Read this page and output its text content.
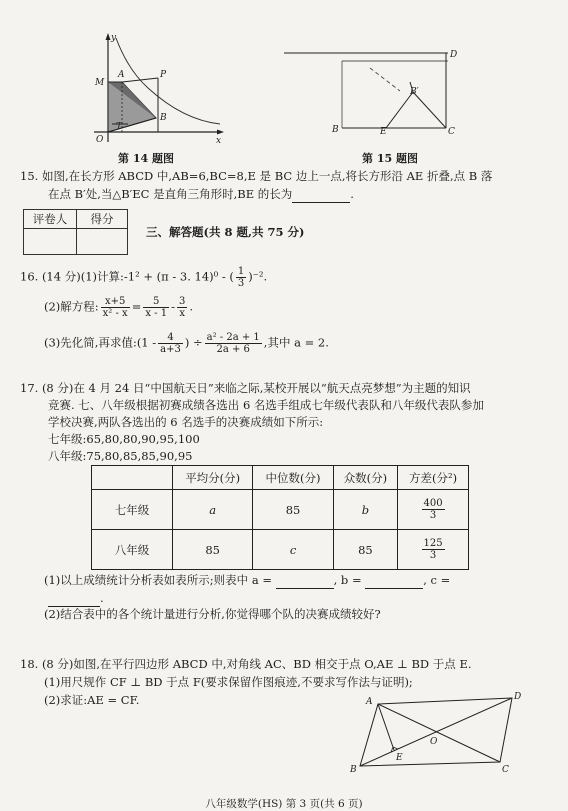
y
x
M
A	P
B
O
T
第 14 题图
D
B′
B	E	C
第 15 题图
15. 如图,在长方形 ABCD 中,AB=6,BC=8,E 是 BC 边上一点,将长方形沿 AE 折叠,点 B 落
在点 B′处,当△B′EC 是直角三角形时,BE 的长为	.
评卷人	得分

三、解答题(共 8 题,共 75 分)
16. (14 分)(1)计算:-1² + (π - 3. 14)⁰ - ( $\frac{1}{3} )^{-2}$.
(2)解方程: $\frac{x+5}{\text{x² - x}} = \frac{5}{x - 1} - \frac{3}{x}$ .
(3)先化简,再求值:(1 - $\frac{4}{a+3}$ ) ÷ $\frac{\text{a² - 2a + 1}}{2a + 6}$ ,其中 a = 2.
17. (8 分)在 4 月 24 日“中国航天日”来临之际,某校开展以“航天点亮梦想”为主题的知识
竞赛. 七、八年级根据初赛成绩各选出 6 名选手组成七年级代表队和八年级代表队参加
学校决赛,两队各选出的 6 名选手的决赛成绩如下所示:
七年级:65,80,80,90,95,100
八年级:75,80,85,85,90,95
	平均分(分)	中位数(分)	众数(分)	方差(分²)
七年级	a	85	b	$\frac{400}{3}$

八年级	85	c	85	$\frac{125}{3}$
(1)以上成绩统计分析表如表所示;则表中 a =	, b =	, c =
.
(2)结合表中的各个统计量进行分析,你觉得哪个队的决赛成绩较好?
18. (8 分)如图,在平行四边形 ABCD 中,对角线 AC、BD 相交于点 O,AE ⊥ BD 于点 E.
(1)用尺规作 CF ⊥ BD 于点 F(要求保留作图痕迹,不要求写作法与证明);
(2)求证:AE = CF.	A	D
O
E
B	C
八年级数学(HS) 第 3 页(共 6 页)
